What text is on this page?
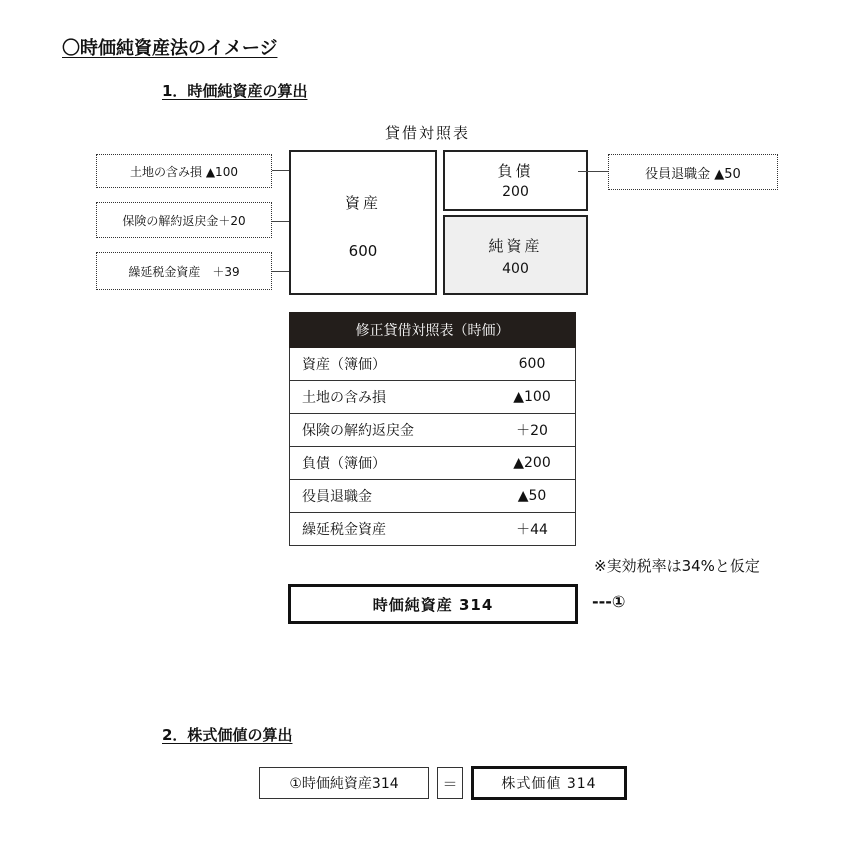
〇時価純資産法のイメージ
1．時価純資産の算出
貸借対照表
土地の含み損 ▲100
保険の解約返戻金＋20
繰延税金資産　＋39
資産
600
負債
200
純資産
400
役員退職金 ▲50
修正貸借対照表（時価）
資産（簿価）	600
土地の含み損	▲100
保険の解約返戻金	＋20
負債（簿価）	▲200
役員退職金	▲50
繰延税金資産	＋44
※実効税率は34%と仮定
時価純資産 314	---①
2．株式価値の算出
①時価純資産314	＝	株式価値 314
